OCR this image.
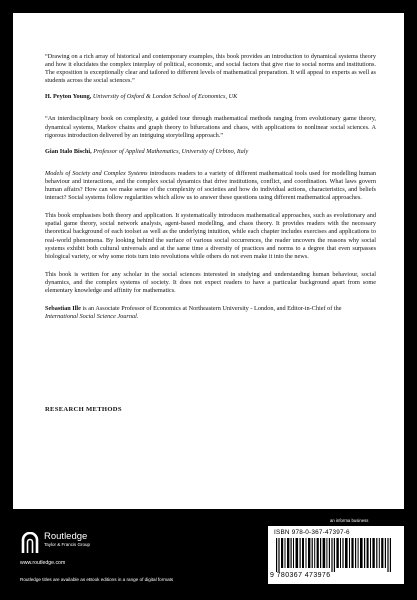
“Drawing on a rich array of historical and contemporary examples, this book provides an introduction to dynamical systems theory and how it elucidates the complex interplay of political, economic, and social factors that give rise to social norms and institutions. The exposition is exceptionally clear and tailored to different levels of mathematical preparation. It will appeal to experts as well as students across the social sciences.”

H. Peyton Young, University of Oxford & London School of Economics, UK

“An interdisciplinary book on complexity, a guided tour through mathematical methods ranging from evolutionary game theory, dynamical systems, Markov chains and graph theory to bifurcations and chaos, with applications to nonlinear social sciences. A rigorous introduction delivered by an intriguing storytelling approach.”

Gian Italo Bischi, Professor of Applied Mathematics, University of Urbino, Italy

Models of Society and Complex Systems introduces readers to a variety of different mathematical tools used for modelling human behaviour and interactions, and the complex social dynamics that drive institutions, conflict, and coordination. What laws govern human affairs? How can we make sense of the complexity of societies and how do individual actions, characteristics, and beliefs interact? Social systems follow regularities which allow us to answer these questions using different mathematical approaches.

This book emphasises both theory and application. It systematically introduces mathematical approaches, such as evolutionary and spatial game theory, social network analysis, agent-based modelling, and chaos theory. It provides readers with the necessary theoretical background of each toolset as well as the underlying intuition, while each chapter includes exercises and applications to real-world phenomena. By looking behind the surface of various social occurrences, the reader uncovers the reasons why social systems exhibit both cultural universals and at the same time a diversity of practices and norms to a degree that even surpasses biological variety, or why some riots turn into revolutions while others do not even make it into the news.

This book is written for any scholar in the social sciences interested in studying and understanding human behaviour, social dynamics, and the complex systems of society. It does not expect readers to have a particular background apart from some elementary knowledge and affinity for mathematics.

Sebastian Ille is an Associate Professor of Economics at Northeastern University - London, and Editor-in-Chief of the International Social Science Journal.

RESEARCH METHODS
Routledge
Taylor & Francis Group
www.routledge.com
Routledge titles are available as eBook editions in a range of digital formats
an informa business
ISBN 978-0-367-47397-6
9 780367 473976
